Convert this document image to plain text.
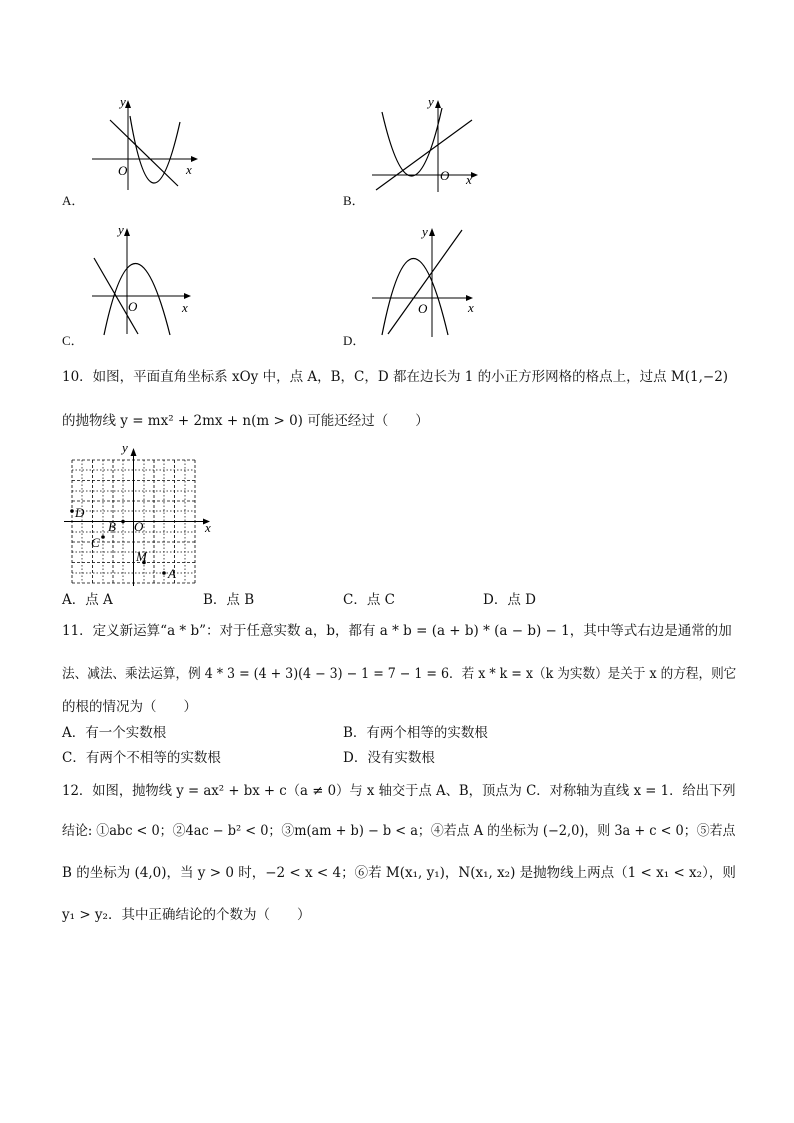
y
x
O
A．
y
x
O
B．
y
x
O
C．
y
x
O
D．
10．如图，平面直角坐标系 xOy 中，点 A，B，C，D 都在边长为 1 的小正方形网格的格点上，过点 M(1,−2)
的抛物线 y = mx² + 2mx + n(m > 0) 可能还经过（　　）
y
x
O
D
B
C
M
A
A．点 A	B．点 B	C．点 C	D．点 D
11．定义新运算“a * b”：对于任意实数 a，b，都有 a * b = (a + b) * (a − b) − 1，其中等式右边是通常的加
法、减法、乘法运算，例 4 * 3 = (4 + 3)(4 − 3) − 1 = 7 − 1 = 6．若 x * k = x（k 为实数）是关于 x 的方程，则它
的根的情况为（　　）
A．有一个实数根	B．有两个相等的实数根
C．有两个不相等的实数根	D．没有实数根
12．如图，抛物线 y = ax² + bx + c（a ≠ 0）与 x 轴交于点 A、B，顶点为 C．对称轴为直线 x = 1．给出下列
结论: ①abc < 0；②4ac − b² < 0；③m(am + b) − b < a；④若点 A 的坐标为 (−2,0)，则 3a + c < 0；⑤若点
B 的坐标为 (4,0)，当 y > 0 时，−2 < x < 4；⑥若 M(x₁, y₁)，N(x₁, x₂) 是抛物线上两点（1 < x₁ < x₂），则
y₁ > y₂．其中正确结论的个数为（　　）
